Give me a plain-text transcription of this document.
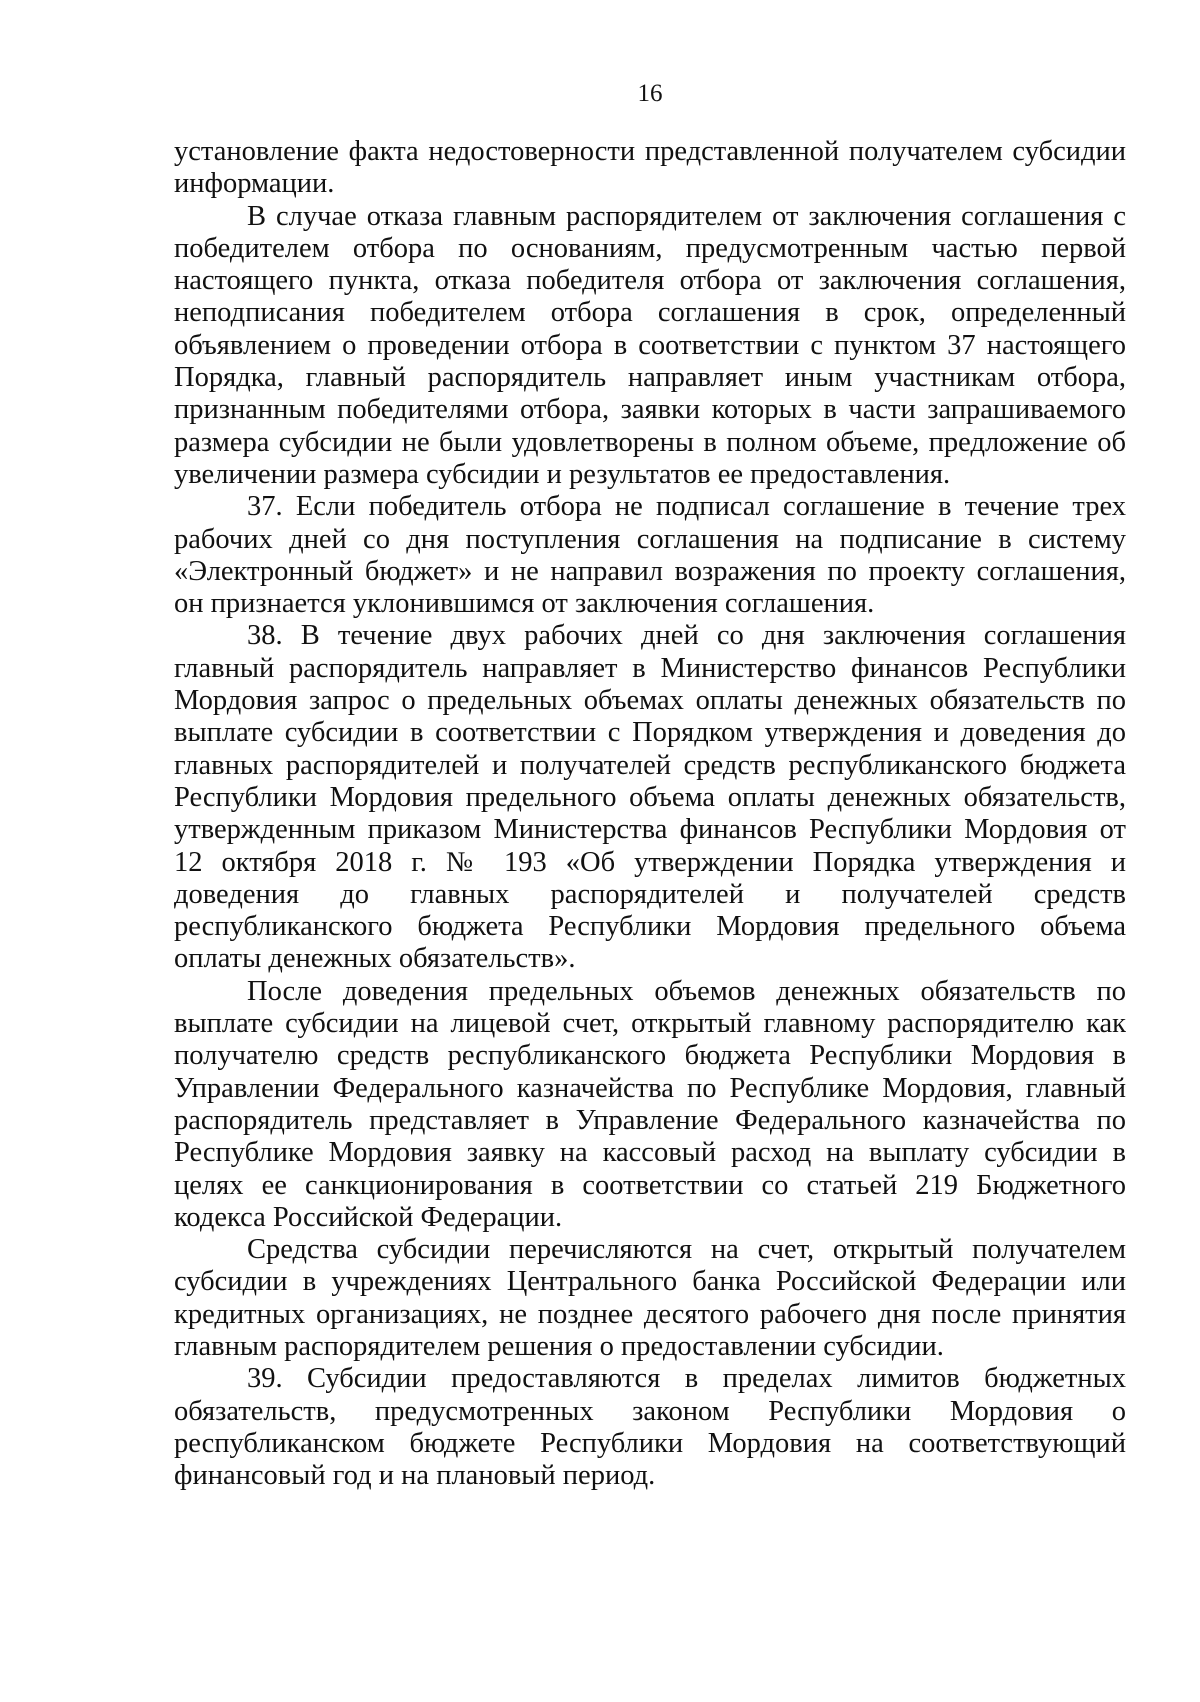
16

установление факта недостоверности представленной получателем субсидии информации.

В случае отказа главным распорядителем от заключения соглашения с победителем отбора по основаниям, предусмотренным частью первой настоящего пункта, отказа победителя отбора от заключения соглашения, неподписания победителем отбора соглашения в срок, определенный объявлением о проведении отбора в соответствии с пунктом 37 настоящего Порядка, главный распорядитель направляет иным участникам отбора, признанным победителями отбора, заявки которых в части запрашиваемого размера субсидии не были удовлетворены в полном объеме, предложение об увеличении размера субсидии и результатов ее предоставления.

37. Если победитель отбора не подписал соглашение в течение трех рабочих дней со дня поступления соглашения на подписание в систему «Электронный бюджет» и не направил возражения по проекту соглашения, он признается уклонившимся от заключения соглашения.

38. В течение двух рабочих дней со дня заключения соглашения главный распорядитель направляет в Министерство финансов Республики Мордовия запрос о предельных объемах оплаты денежных обязательств по выплате субсидии в соответствии с Порядком утверждения и доведения до главных распорядителей и получателей средств республиканского бюджета Республики Мордовия предельного объема оплаты денежных обязательств, утвержденным приказом Министерства финансов Республики Мордовия от 12 октября 2018 г. № 193 «Об утверждении Порядка утверждения и доведения до главных распорядителей и получателей средств республиканского бюджета Республики Мордовия предельного объема оплаты денежных обязательств».

После доведения предельных объемов денежных обязательств по выплате субсидии на лицевой счет, открытый главному распорядителю как получателю средств республиканского бюджета Республики Мордовия в Управлении Федерального казначейства по Республике Мордовия, главный распорядитель представляет в Управление Федерального казначейства по Республике Мордовия заявку на кассовый расход на выплату субсидии в целях ее санкционирования в соответствии со статьей 219 Бюджетного кодекса Российской Федерации.

Средства субсидии перечисляются на счет, открытый получателем субсидии в учреждениях Центрального банка Российской Федерации или кредитных организациях, не позднее десятого рабочего дня после принятия главным распорядителем решения о предоставлении субсидии.

39. Субсидии предоставляются в пределах лимитов бюджетных обязательств, предусмотренных законом Республики Мордовия о республиканском бюджете Республики Мордовия на соответствующий финансовый год и на плановый период.
